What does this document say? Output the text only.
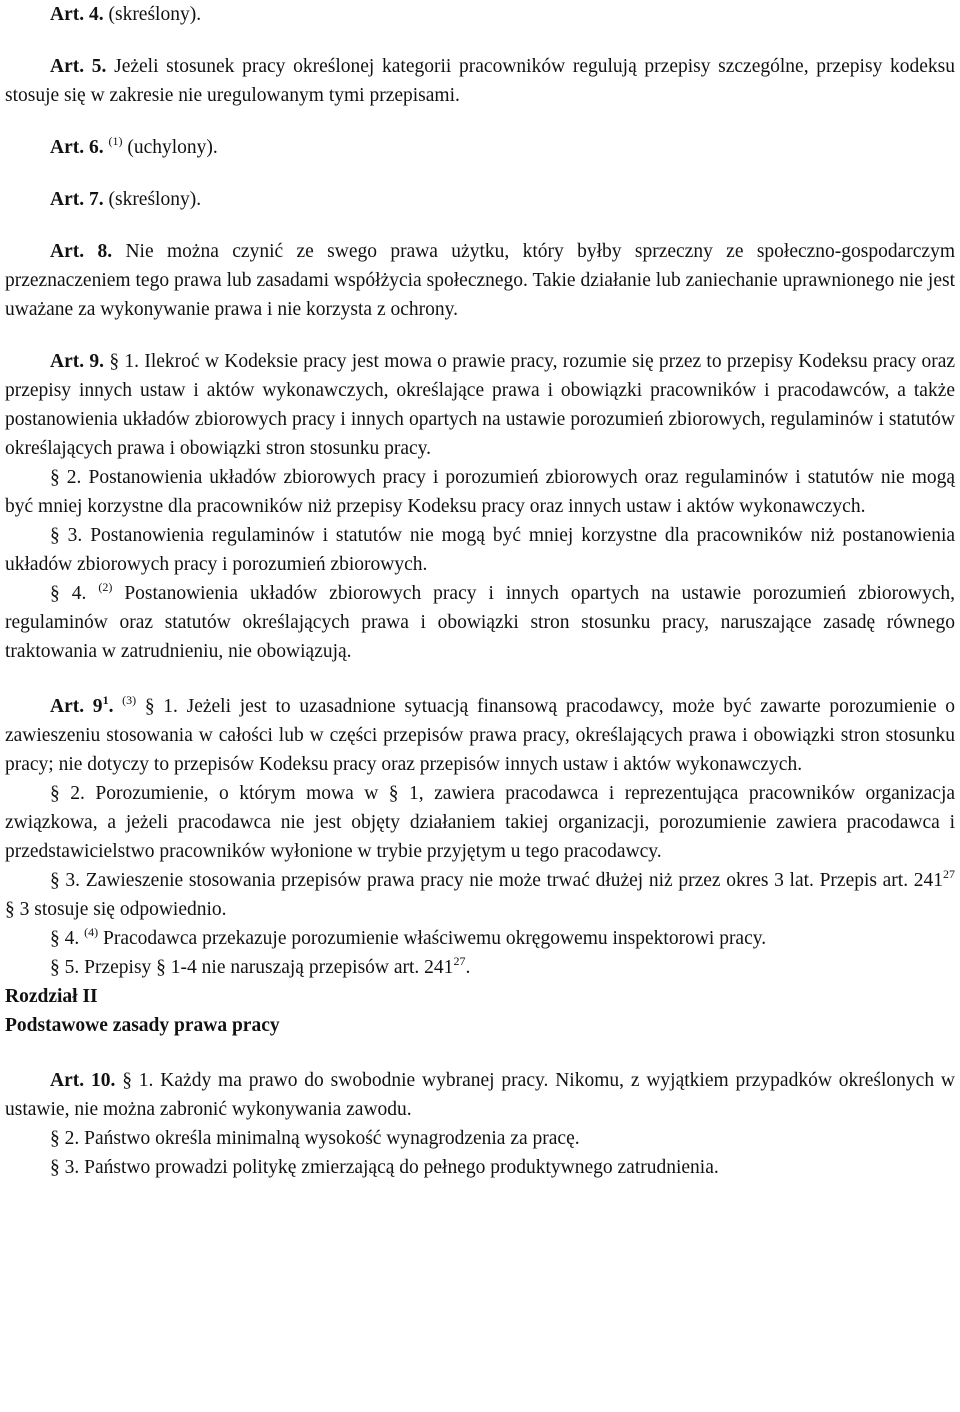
Art. 4. (skreślony).

Art. 5. Jeżeli stosunek pracy określonej kategorii pracowników regulują przepisy szczególne, przepisy kodeksu stosuje się w zakresie nie uregulowanym tymi przepisami.

Art. 6. $^{(1)}$ (uchylony).

Art. 7. (skreślony).

Art. 8. Nie można czynić ze swego prawa użytku, który byłby sprzeczny ze społeczno-gospodarczym przeznaczeniem tego prawa lub zasadami współżycia społecznego. Takie działanie lub zaniechanie uprawnionego nie jest uważane za wykonywanie prawa i nie korzysta z ochrony.

Art. 9. § 1. Ilekroć w Kodeksie pracy jest mowa o prawie pracy, rozumie się przez to przepisy Kodeksu pracy oraz przepisy innych ustaw i aktów wykonawczych, określające prawa i obowiązki pracowników i pracodawców, a także postanowienia układów zbiorowych pracy i innych opartych na ustawie porozumień zbiorowych, regulaminów i statutów określających prawa i obowiązki stron stosunku pracy.

§ 2. Postanowienia układów zbiorowych pracy i porozumień zbiorowych oraz regulaminów i statutów nie mogą być mniej korzystne dla pracowników niż przepisy Kodeksu pracy oraz innych ustaw i aktów wykonawczych.

§ 3. Postanowienia regulaminów i statutów nie mogą być mniej korzystne dla pracowników niż postanowienia układów zbiorowych pracy i porozumień zbiorowych.

§ 4. $^{(2)}$ Postanowienia układów zbiorowych pracy i innych opartych na ustawie porozumień zbiorowych, regulaminów oraz statutów określających prawa i obowiązki stron stosunku pracy, naruszające zasadę równego traktowania w zatrudnieniu, nie obowiązują.

Art. $9^1$. $^{(3)}$ § 1. Jeżeli jest to uzasadnione sytuacją finansową pracodawcy, może być zawarte porozumienie o zawieszeniu stosowania w całości lub w części przepisów prawa pracy, określających prawa i obowiązki stron stosunku pracy; nie dotyczy to przepisów Kodeksu pracy oraz przepisów innych ustaw i aktów wykonawczych.

§ 2. Porozumienie, o którym mowa w § 1, zawiera pracodawca i reprezentująca pracowników organizacja związkowa, a jeżeli pracodawca nie jest objęty działaniem takiej organizacji, porozumienie zawiera pracodawca i przedstawicielstwo pracowników wyłonione w trybie przyjętym u tego pracodawcy.

§ 3. Zawieszenie stosowania przepisów prawa pracy nie może trwać dłużej niż przez okres 3 lat. Przepis art. $241^{27}$ § 3 stosuje się odpowiednio.

§ 4. $^{(4)}$ Pracodawca przekazuje porozumienie właściwemu okręgowemu inspektorowi pracy.

§ 5. Przepisy § 1-4 nie naruszają przepisów art. $241^{27}$.

Rozdział II
Podstawowe zasady prawa pracy

Art. 10. § 1. Każdy ma prawo do swobodnie wybranej pracy. Nikomu, z wyjątkiem przypadków określonych w ustawie, nie można zabronić wykonywania zawodu.

§ 2. Państwo określa minimalną wysokość wynagrodzenia za pracę.

§ 3. Państwo prowadzi politykę zmierzającą do pełnego produktywnego zatrudnienia.
